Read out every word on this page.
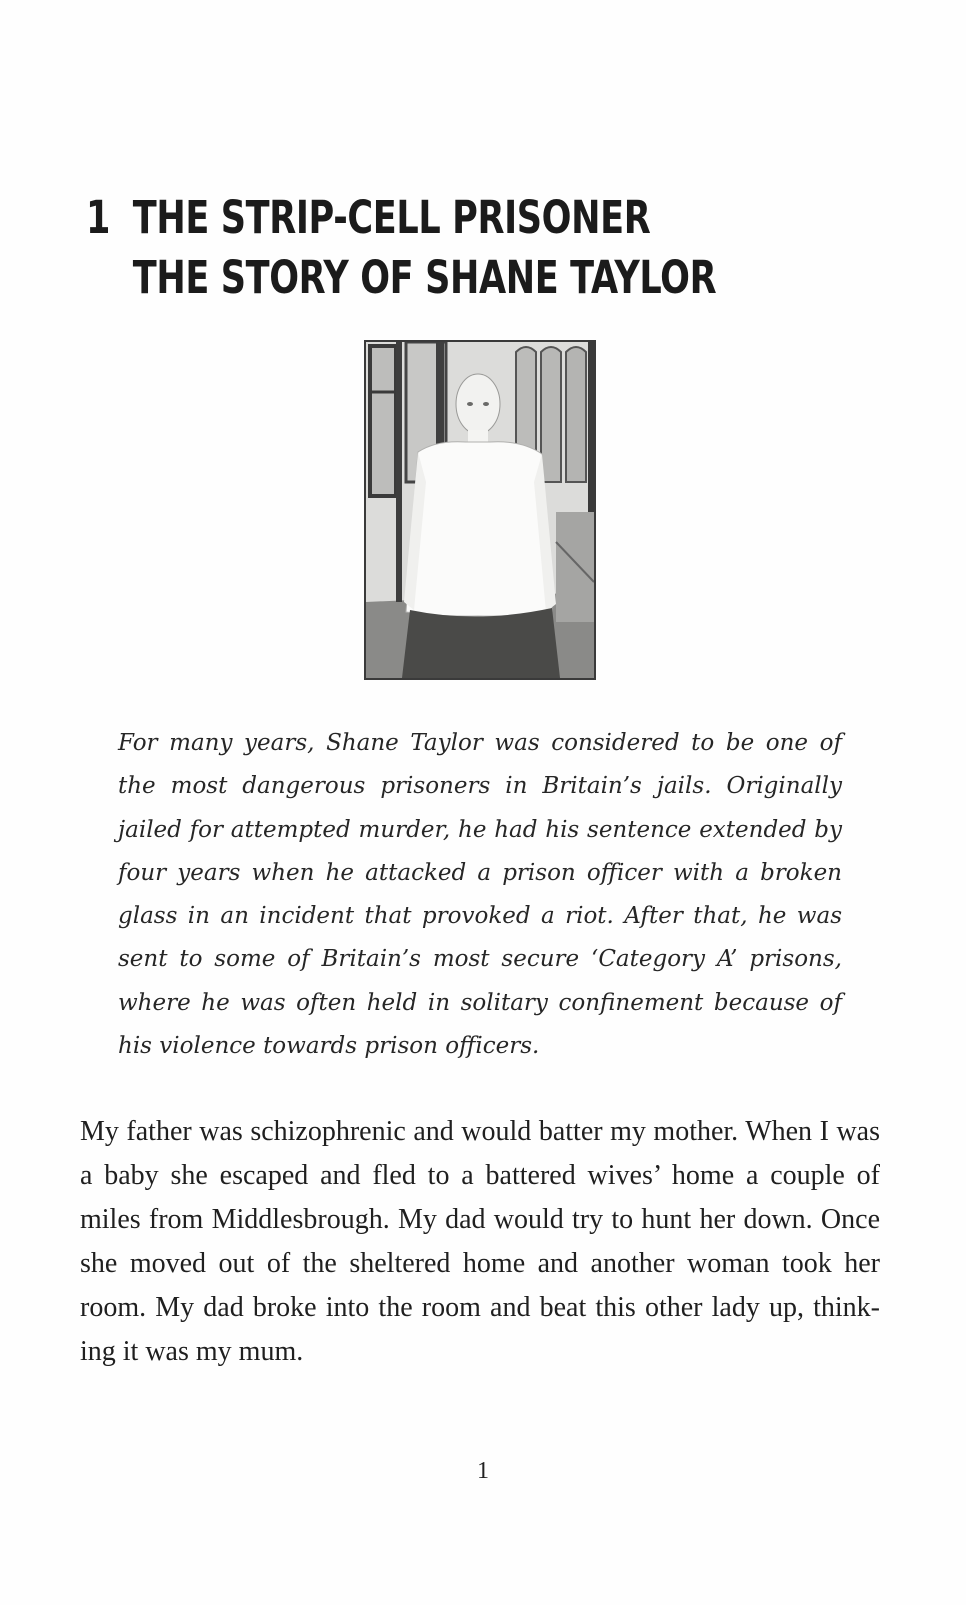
1 THE STRIP-CELL PRISONER
THE STORY OF SHANE TAYLOR

For many years, Shane Taylor was considered to be one of the most dangerous prisoners in Britain’s jails. Originally jailed for attempted murder, he had his sentence extended by four years when he attacked a prison officer with a broken glass in an incident that provoked a riot. After that, he was sent to some of Britain’s most secure ‘Category A’ prisons, where he was often held in solitary confinement because of his violence towards prison officers.

My father was schizophrenic and would batter my mother. When I was a baby she escaped and fled to a battered wives’ home a couple of miles from Middlesbrough. My dad would try to hunt her down. Once she moved out of the sheltered home and another woman took her room. My dad broke into the room and beat this other lady up, think-ing it was my mum.

1
